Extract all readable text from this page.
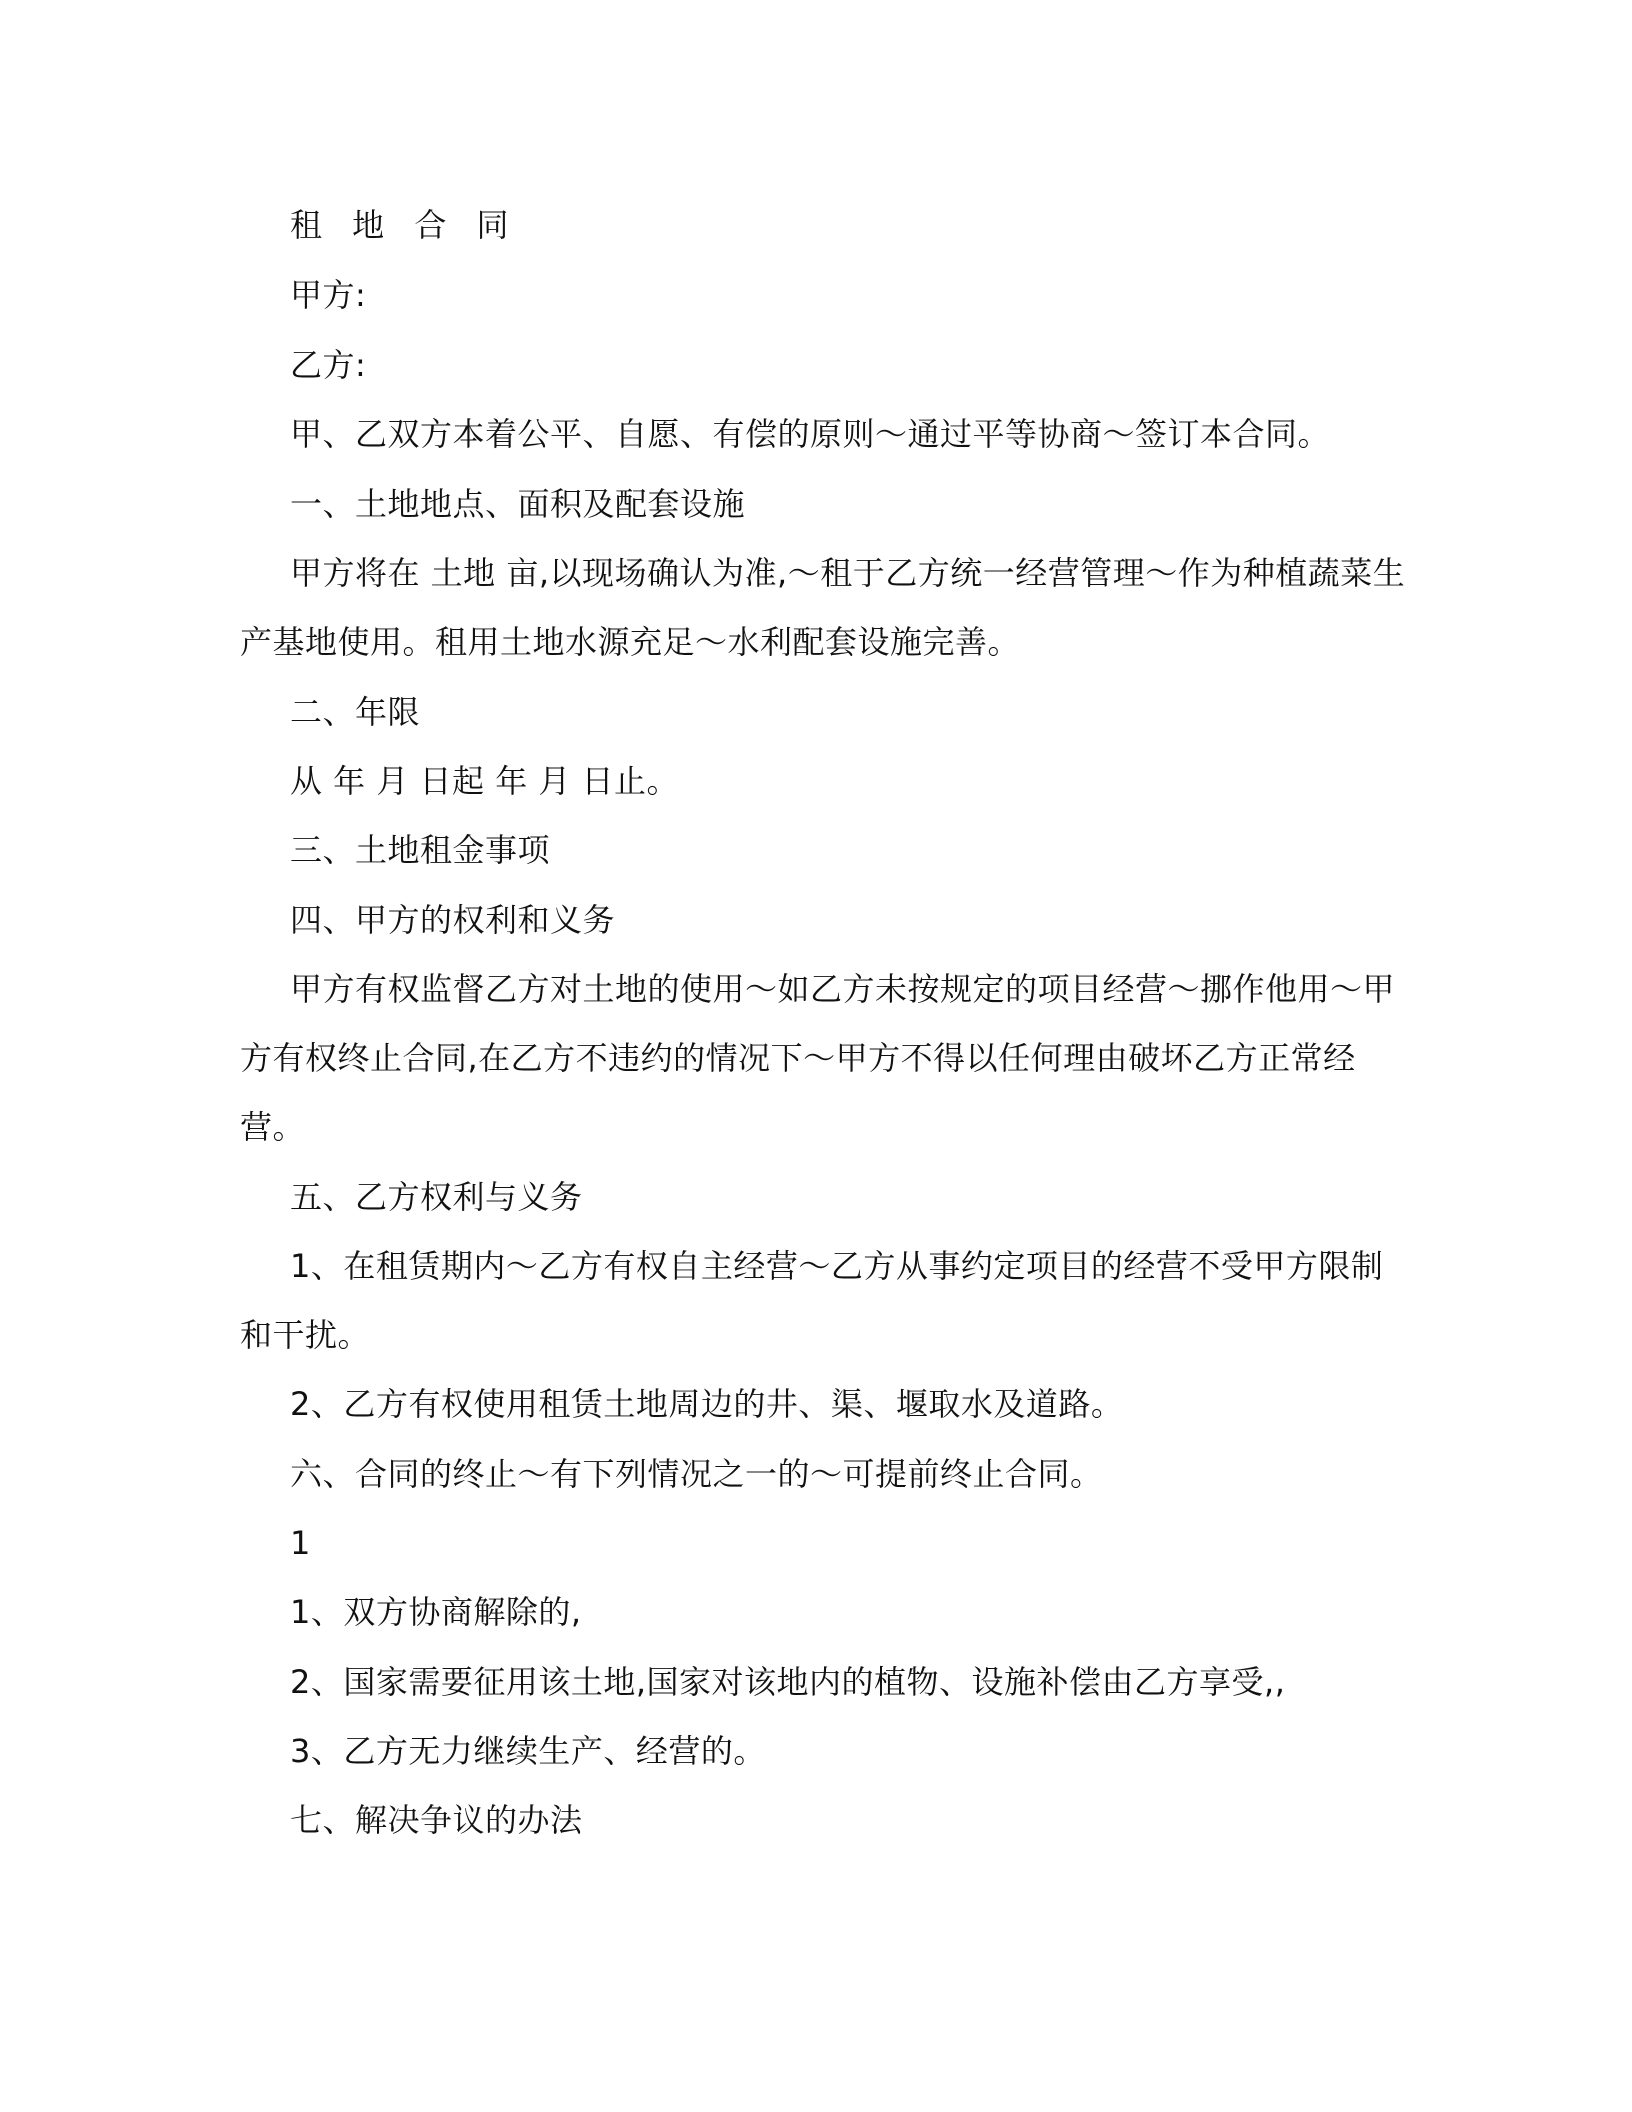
租 地 合 同
甲方:
乙方:
甲、乙双方本着公平、自愿、有偿的原则～通过平等协商～签订本合同。
一、土地地点、面积及配套设施
甲方将在 土地 亩,以现场确认为准,～租于乙方统一经营管理～作为种植蔬菜生
产基地使用。租用土地水源充足～水利配套设施完善。
二、年限
从 年 月 日起 年 月 日止。
三、土地租金事项
四、甲方的权利和义务
甲方有权监督乙方对土地的使用～如乙方未按规定的项目经营～挪作他用～甲
方有权终止合同,在乙方不违约的情况下～甲方不得以任何理由破坏乙方正常经
营。
五、乙方权利与义务
1、在租赁期内～乙方有权自主经营～乙方从事约定项目的经营不受甲方限制
和干扰。
2、乙方有权使用租赁土地周边的井、渠、堰取水及道路。
六、合同的终止～有下列情况之一的～可提前终止合同。
1
1、双方协商解除的,
2、国家需要征用该土地,国家对该地内的植物、设施补偿由乙方享受,,
3、乙方无力继续生产、经营的。
七、解决争议的办法
